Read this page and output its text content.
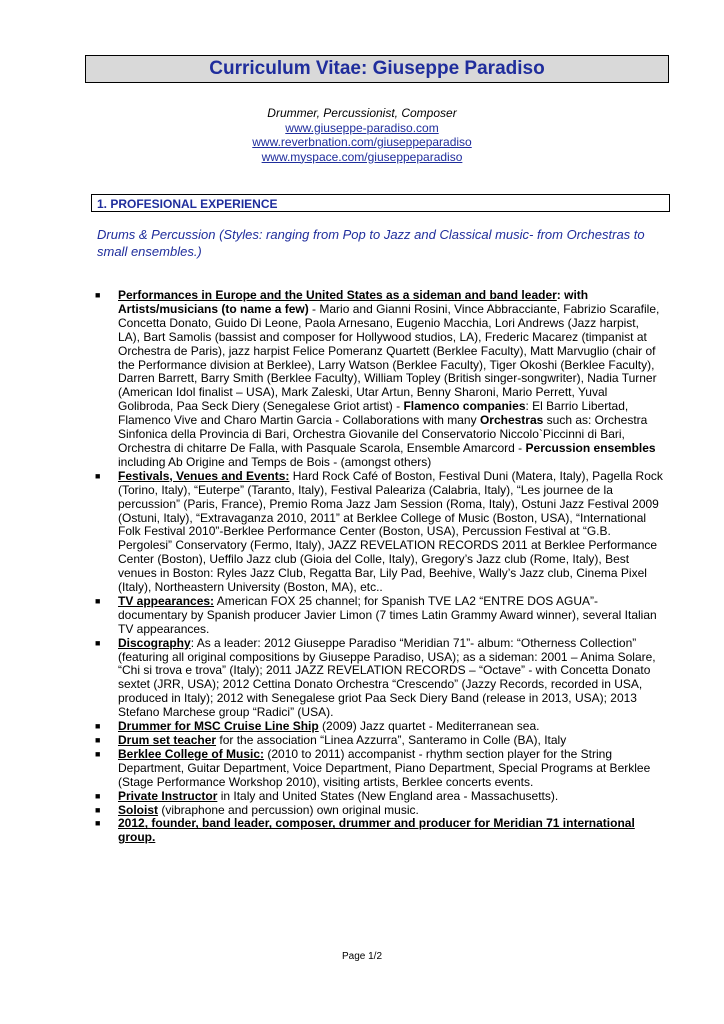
Curriculum Vitae: Giuseppe Paradiso
Drummer, Percussionist, Composer
www.giuseppe-paradiso.com
www.reverbnation.com/giuseppeparadiso
www.myspace.com/giuseppeparadiso
1. PROFESIONAL EXPERIENCE
Drums & Percussion (Styles: ranging from Pop to Jazz and Classical music- from Orchestras to small ensembles.)
■ Performances in Europe and the United States as a sideman and band leader: with Artists/musicians (to name a few) - Mario and Gianni Rosini, Vince Abbracciante, Fabrizio Scarafile, Concetta Donato, Guido Di Leone, Paola Arnesano, Eugenio Macchia, Lori Andrews (Jazz harpist, LA), Bart Samolis (bassist and composer for Hollywood studios, LA), Frederic Macarez (timpanist at Orchestra de Paris), jazz harpist Felice Pomeranz Quartett (Berklee Faculty), Matt Marvuglio (chair of the Performance division at Berklee), Larry Watson (Berklee Faculty), Tiger Okoshi (Berklee Faculty), Darren Barrett, Barry Smith (Berklee Faculty), William Topley (British singer-songwriter), Nadia Turner (American Idol finalist – USA), Mark Zaleski, Utar Artun, Benny Sharoni, Mario Perrett, Yuval Golibroda, Paa Seck Diery (Senegalese Griot artist) - Flamenco companies: El Barrio Libertad, Flamenco Vive and Charo Martin Garcia - Collaborations with many Orchestras such as: Orchestra Sinfonica della Provincia di Bari, Orchestra Giovanile del Conservatorio Niccolo`Piccinni di Bari, Orchestra di chitarre De Falla, with Pasquale Scarola, Ensemble Amarcord - Percussion ensembles including Ab Origine and Temps de Bois - (amongst others)
■ Festivals, Venues and Events: Hard Rock Café of Boston, Festival Duni (Matera, Italy), Pagella Rock (Torino, Italy), “Euterpe” (Taranto, Italy), Festival Paleariza (Calabria, Italy), “Les journee de la percussion” (Paris, France), Premio Roma Jazz Jam Session (Roma, Italy), Ostuni Jazz Festival 2009 (Ostuni, Italy), “Extravaganza 2010, 2011” at Berklee College of Music (Boston, USA), “International Folk Festival 2010”-Berklee Performance Center (Boston, USA), Percussion Festival at “G.B. Pergolesi” Conservatory (Fermo, Italy), JAZZ REVELATION RECORDS 2011 at Berklee Performance Center (Boston), Ueffilo Jazz club (Gioia del Colle, Italy), Gregory’s Jazz club (Rome, Italy), Best venues in Boston: Ryles Jazz Club, Regatta Bar, Lily Pad, Beehive, Wally’s Jazz club, Cinema Pixel (Italy), Northeastern University (Boston, MA), etc..
■ TV appearances: American FOX 25 channel; for Spanish TVE LA2 “ENTRE DOS AGUA”- documentary by Spanish producer Javier Limon (7 times Latin Grammy Award winner), several Italian TV appearances.
■ Discography: As a leader: 2012 Giuseppe Paradiso “Meridian 71”- album: “Otherness Collection” (featuring all original compositions by Giuseppe Paradiso, USA); as a sideman: 2001 – Anima Solare, “Chi si trova e trova” (Italy); 2011 JAZZ REVELATION RECORDS – “Octave” - with Concetta Donato sextet (JRR, USA); 2012 Cettina Donato Orchestra “Crescendo” (Jazzy Records, recorded in USA, produced in Italy); 2012 with Senegalese griot Paa Seck Diery Band (release in 2013, USA); 2013 Stefano Marchese group “Radici” (USA).
■ Drummer for MSC Cruise Line Ship (2009) Jazz quartet - Mediterranean sea.
■ Drum set teacher for the association “Linea Azzurra”, Santeramo in Colle (BA), Italy
■ Berklee College of Music: (2010 to 2011) accompanist - rhythm section player for the String Department, Guitar Department, Voice Department, Piano Department, Special Programs at Berklee (Stage Performance Workshop 2010), visiting artists, Berklee concerts events.
■ Private Instructor in Italy and United States (New England area - Massachusetts).
■ Soloist (vibraphone and percussion) own original music.
■ 2012, founder, band leader, composer, drummer and producer for Meridian 71 international group.
Page 1/2
